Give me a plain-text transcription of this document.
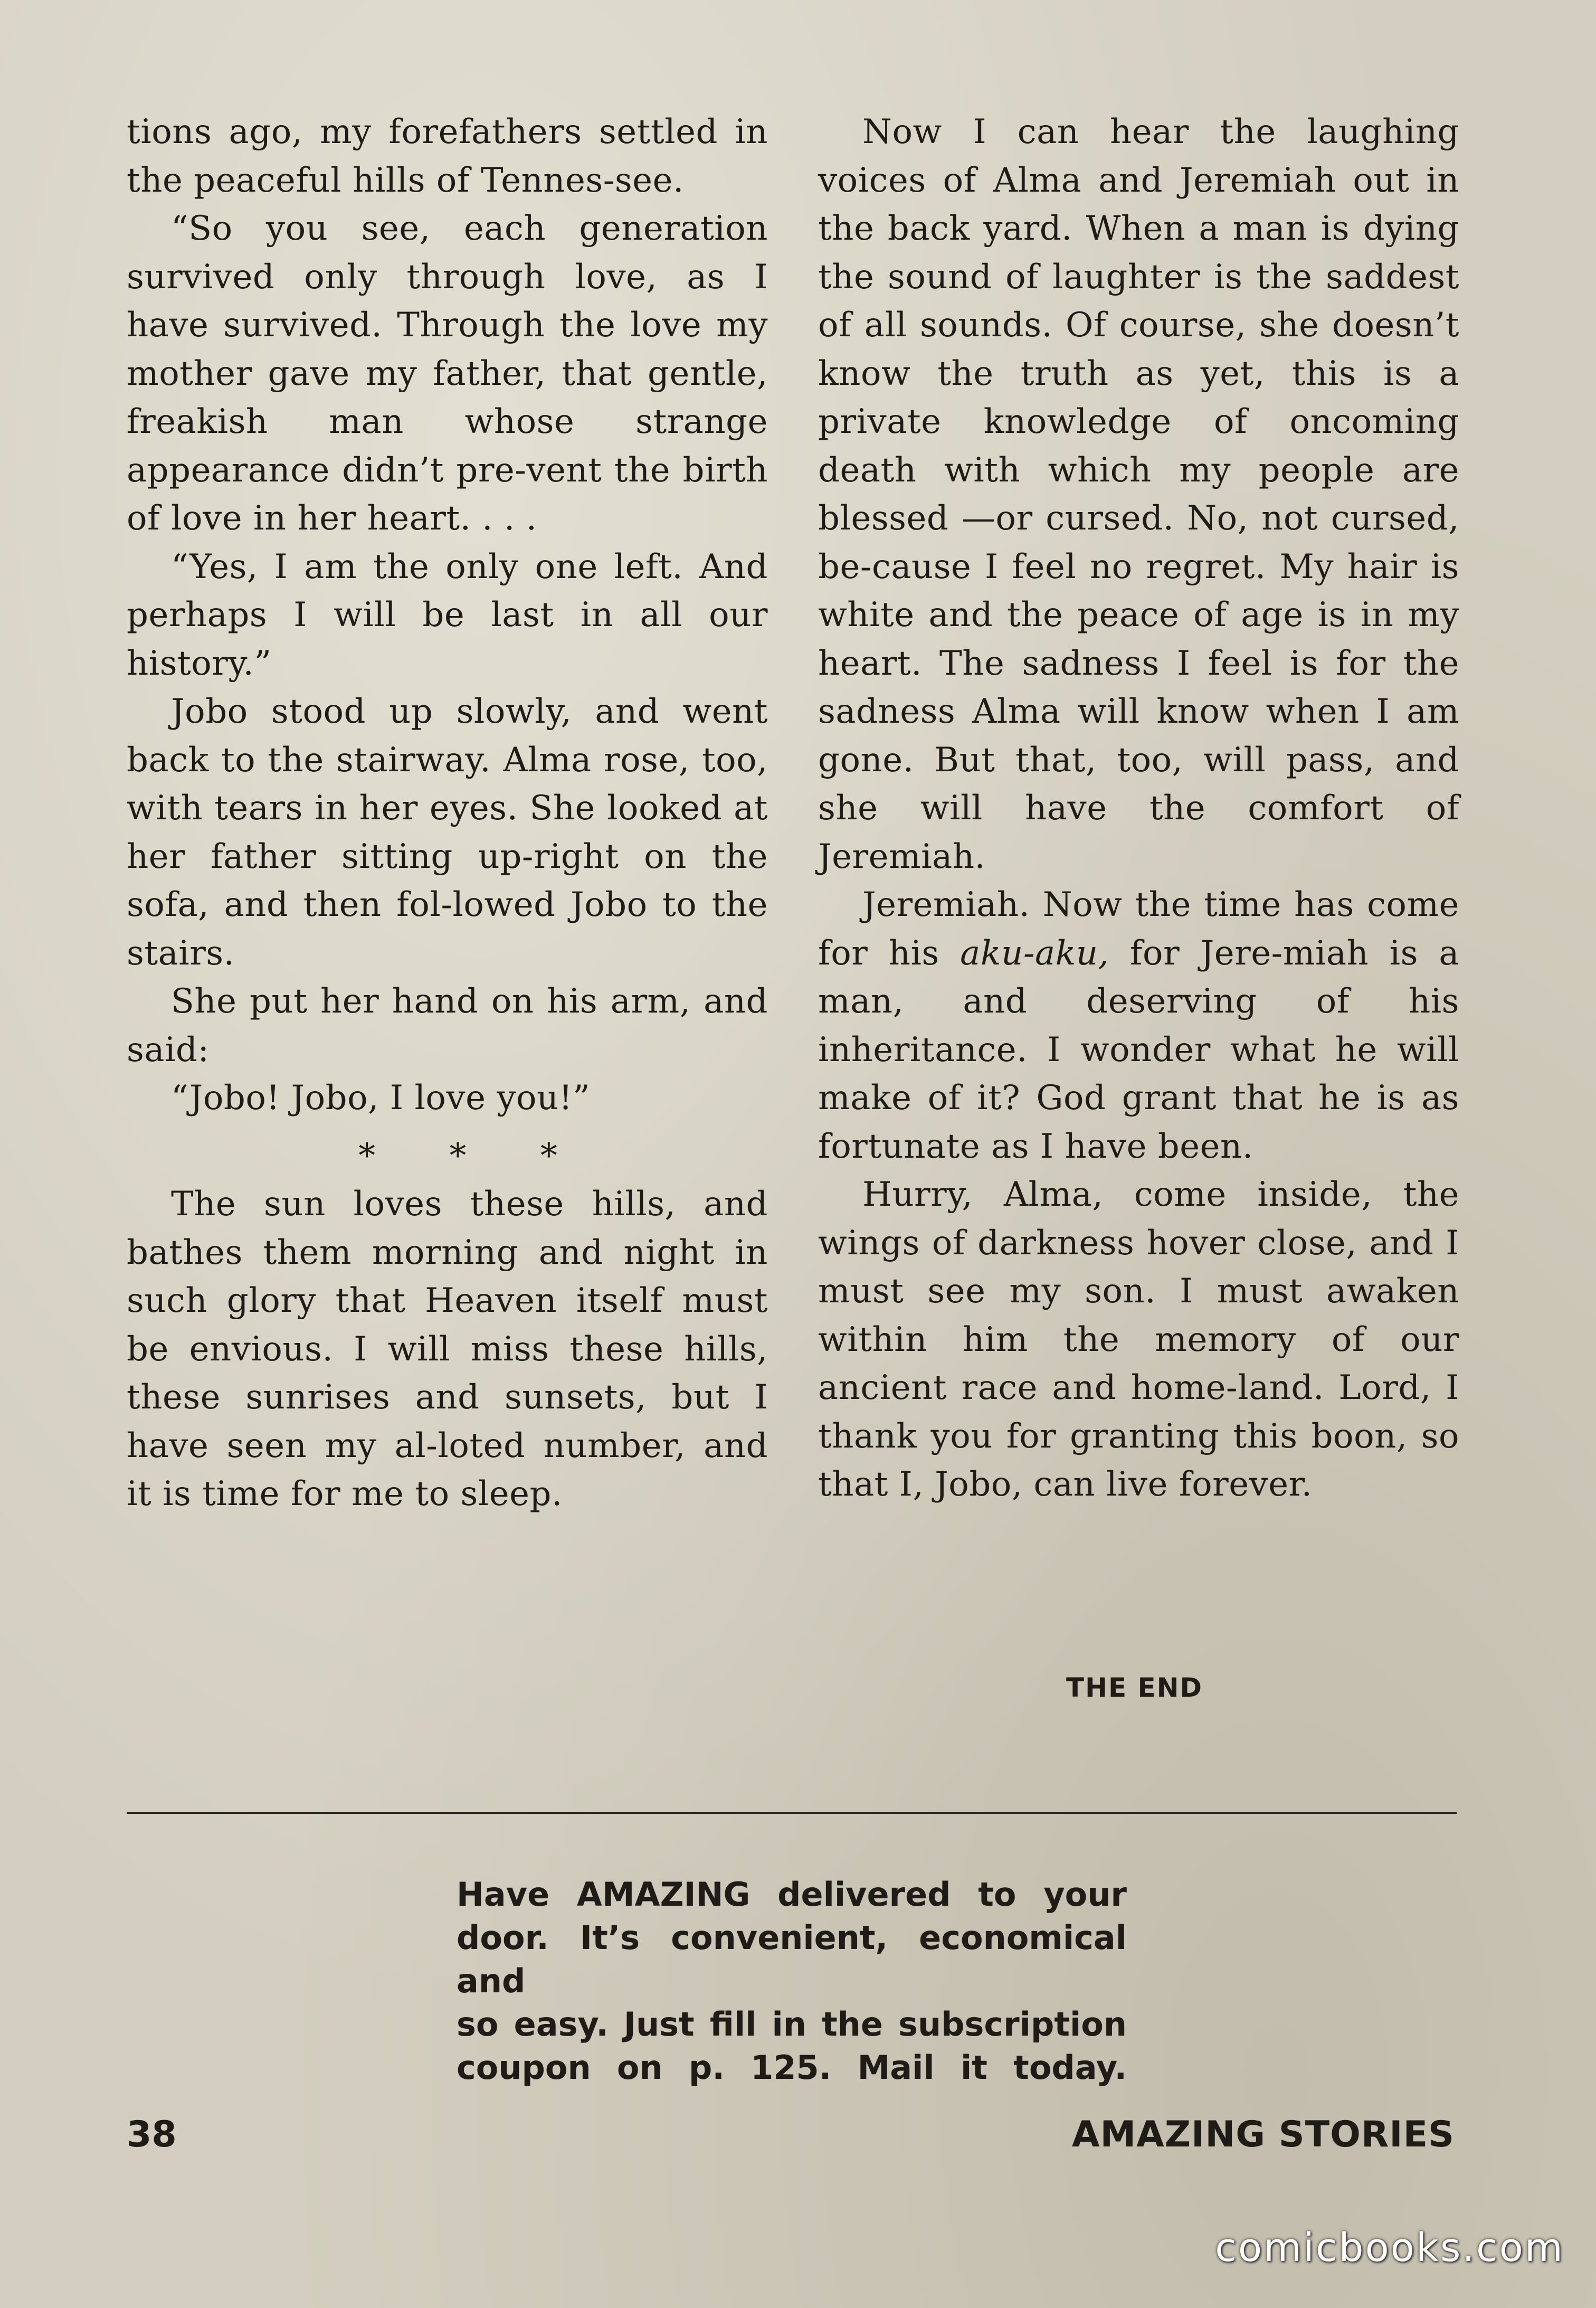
tions ago, my forefathers settled in the peaceful hills of Tennes-see.

“So you see, each generation survived only through love, as I have survived. Through the love my mother gave my father, that gentle, freakish man whose strange appearance didn’t pre-vent the birth of love in her heart. . . .

“Yes, I am the only one left. And perhaps I will be last in all our history.”

Jobo stood up slowly, and went back to the stairway. Alma rose, too, with tears in her eyes. She looked at her father sitting up-right on the sofa, and then fol-lowed Jobo to the stairs.

She put her hand on his arm, and said:

“Jobo! Jobo, I love you!”

* * *

The sun loves these hills, and bathes them morning and night in such glory that Heaven itself must be envious. I will miss these hills, these sunrises and sunsets, but I have seen my al-loted number, and it is time for me to sleep.

Now I can hear the laughing voices of Alma and Jeremiah out in the back yard. When a man is dying the sound of laughter is the saddest of all sounds. Of course, she doesn’t know the truth as yet, this is a private knowledge of oncoming death with which my people are blessed —or cursed. No, not cursed, be-cause I feel no regret. My hair is white and the peace of age is in my heart. The sadness I feel is for the sadness Alma will know when I am gone. But that, too, will pass, and she will have the comfort of Jeremiah.

Jeremiah. Now the time has come for his aku-aku, for Jere-miah is a man, and deserving of his inheritance. I wonder what he will make of it? God grant that he is as fortunate as I have been.

Hurry, Alma, come inside, the wings of darkness hover close, and I must see my son. I must awaken within him the memory of our ancient race and home-land. Lord, I thank you for granting this boon, so that I, Jobo, can live forever.

THE END
Have AMAZING delivered to your
door. It’s convenient, economical and
so easy. Just fill in the subscription
coupon on p. 125. Mail it today.
38	AMAZING STORIES
comicbooks.com
